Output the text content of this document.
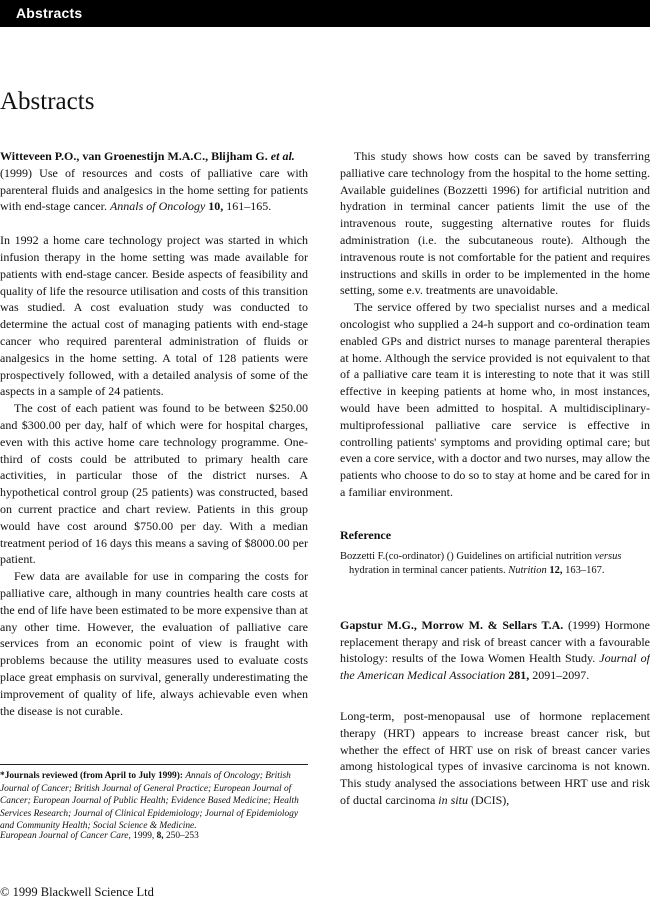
Abstracts
Abstracts

Witteveen P.O., van Groenestijn M.A.C., Blijham G. et al.
(1999) Use of resources and costs of palliative care with parenteral fluids and analgesics in the home setting for patients with end-stage cancer. Annals of Oncology 10, 161–165.

In 1992 a home care technology project was started in which infusion therapy in the home setting was made available for patients with end-stage cancer. Beside aspects of feasibility and quality of life the resource utilisation and costs of this transition was studied. A cost evaluation study was conducted to determine the actual cost of managing patients with end-stage cancer who required parenteral administration of fluids or analgesics in the home setting. A total of 128 patients were prospectively followed, with a detailed analysis of some of the aspects in a sample of 24 patients.

The cost of each patient was found to be between $250.00 and $300.00 per day, half of which were for hospital charges, even with this active home care technology programme. One-third of costs could be attributed to primary health care activities, in particular those of the district nurses. A hypothetical control group (25 patients) was constructed, based on current practice and chart review. Patients in this group would have cost around $750.00 per day. With a median treatment period of 16 days this means a saving of $8000.00 per patient.

Few data are available for use in comparing the costs for palliative care, although in many countries health care costs at the end of life have been estimated to be more expensive than at any other time. However, the evaluation of palliative care services from an economic point of view is fraught with problems because the utility measures used to evaluate costs place great emphasis on survival, generally underestimating the improvement of quality of life, always achievable even when the disease is not curable.

*Journals reviewed (from April to July 1999): Annals of Oncology; British Journal of Cancer; British Journal of General Practice; European Journal of Cancer; European Journal of Public Health; Evidence Based Medicine; Health Services Research; Journal of Clinical Epidemiology; Journal of Epidemiology and Community Health; Social Science & Medicine.
European Journal of Cancer Care, 1999, 8, 250–253

This study shows how costs can be saved by transferring palliative care technology from the hospital to the home setting. Available guidelines (Bozzetti 1996) for artificial nutrition and hydration in terminal cancer patients limit the use of the intravenous route, suggesting alternative routes for fluids administration (i.e. the subcutaneous route). Although the intravenous route is not comfortable for the patient and requires instructions and skills in order to be implemented in the home setting, some e.v. treatments are unavoidable.

The service offered by two specialist nurses and a medical oncologist who supplied a 24-h support and co-ordination team enabled GPs and district nurses to manage parenteral therapies at home. Although the service provided is not equivalent to that of a palliative care team it is interesting to note that it was still effective in keeping patients at home who, in most instances, would have been admitted to hospital. A multidisciplinary-multiprofessional palliative care service is effective in controlling patients' symptoms and providing optimal care; but even a core service, with a doctor and two nurses, may allow the patients who choose to do so to stay at home and be cared for in a familiar environment.

Reference

Bozzetti F.(co-ordinator) () Guidelines on artificial nutrition versus hydration in terminal cancer patients. Nutrition 12, 163–167.

Gapstur M.G., Morrow M. & Sellars T.A. (1999) Hormone replacement therapy and risk of breast cancer with a favourable histology: results of the Iowa Women Health Study. Journal of the American Medical Association 281, 2091–2097.

Long-term, post-menopausal use of hormone replacement therapy (HRT) appears to increase breast cancer risk, but whether the effect of HRT use on risk of breast cancer varies among histological types of invasive carcinoma is not known. This study analysed the associations between HRT use and risk of ductal carcinoma in situ (DCIS),

© 1999 Blackwell Science Ltd
